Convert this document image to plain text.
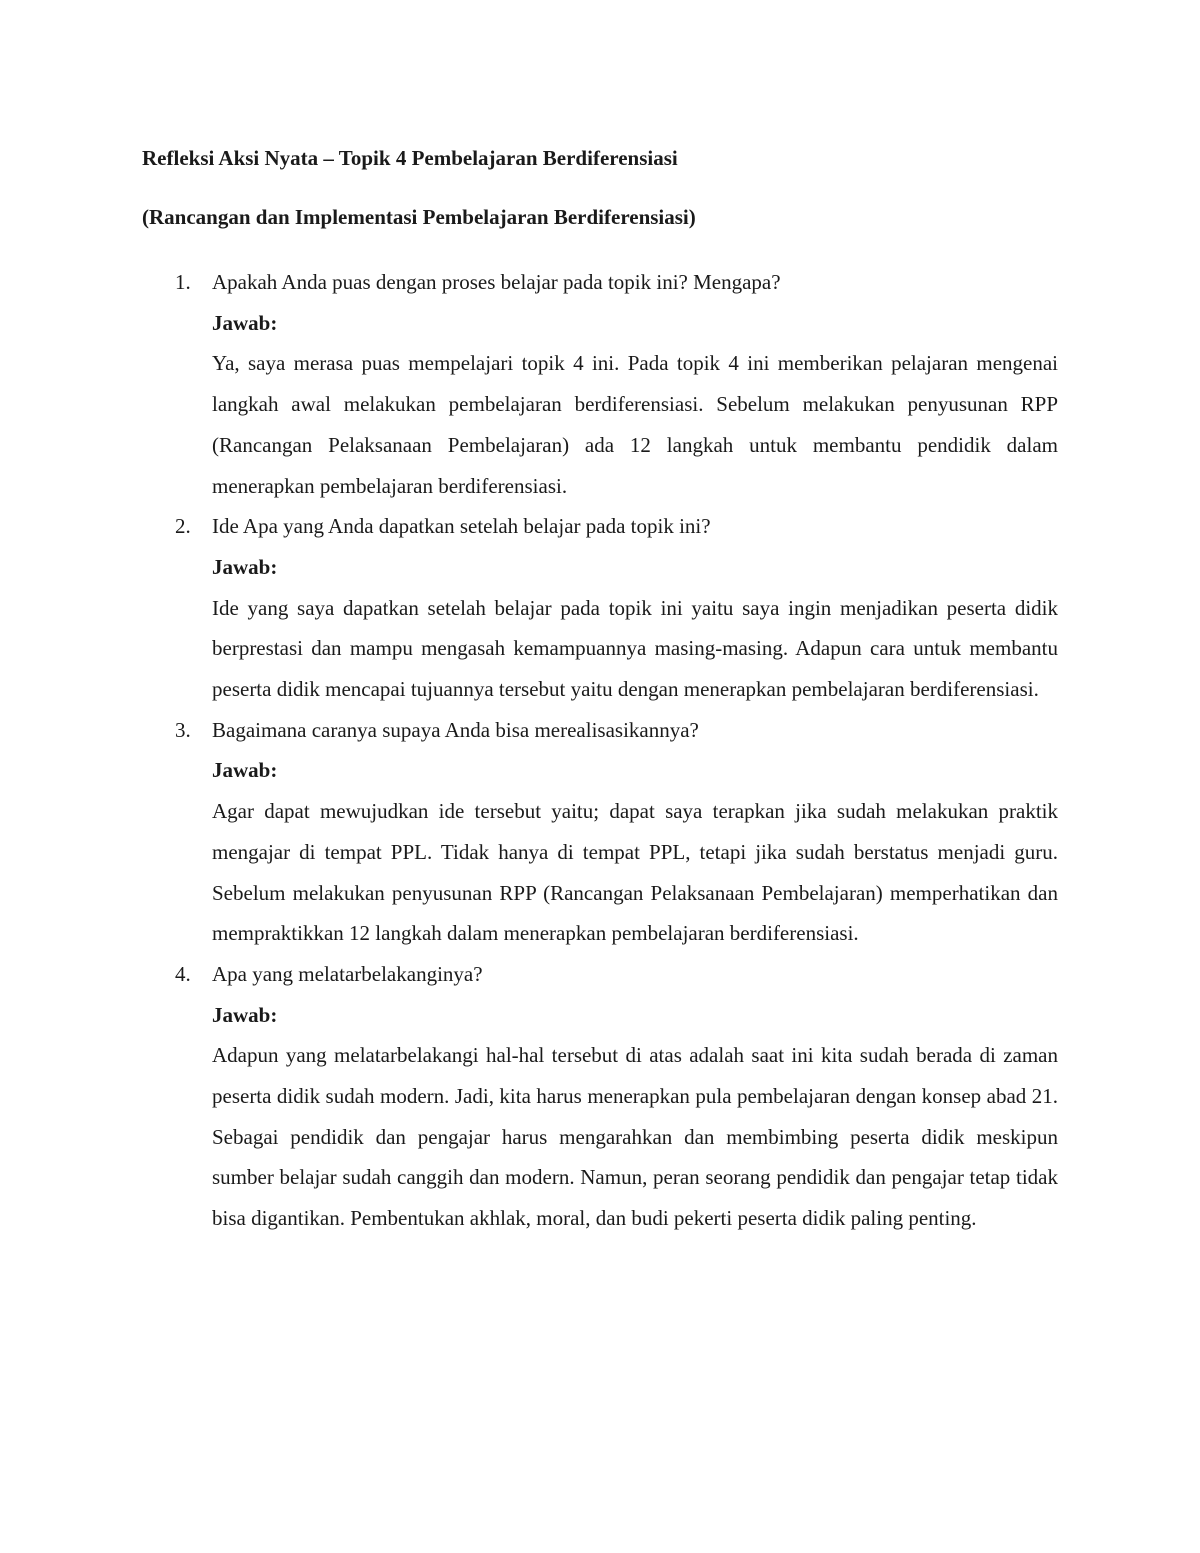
Refleksi Aksi Nyata – Topik 4 Pembelajaran Berdiferensiasi
(Rancangan dan Implementasi Pembelajaran Berdiferensiasi)
1. Apakah Anda puas dengan proses belajar pada topik ini? Mengapa?
Jawab:
Ya, saya merasa puas mempelajari topik 4 ini. Pada topik 4 ini memberikan pelajaran mengenai langkah awal melakukan pembelajaran berdiferensiasi. Sebelum melakukan penyusunan RPP (Rancangan Pelaksanaan Pembelajaran) ada 12 langkah untuk membantu pendidik dalam menerapkan pembelajaran berdiferensiasi.
2. Ide Apa yang Anda dapatkan setelah belajar pada topik ini?
Jawab:
Ide yang saya dapatkan setelah belajar pada topik ini yaitu saya ingin menjadikan peserta didik berprestasi dan mampu mengasah kemampuannya masing-masing. Adapun cara untuk membantu peserta didik mencapai tujuannya tersebut yaitu dengan menerapkan pembelajaran berdiferensiasi.
3. Bagaimana caranya supaya Anda bisa merealisasikannya?
Jawab:
Agar dapat mewujudkan ide tersebut yaitu; dapat saya terapkan jika sudah melakukan praktik mengajar di tempat PPL. Tidak hanya di tempat PPL, tetapi jika sudah berstatus menjadi guru. Sebelum melakukan penyusunan RPP (Rancangan Pelaksanaan Pembelajaran) memperhatikan dan mempraktikkan 12 langkah dalam menerapkan pembelajaran berdiferensiasi.
4. Apa yang melatarbelakanginya?
Jawab:
Adapun yang melatarbelakangi hal-hal tersebut di atas adalah saat ini kita sudah berada di zaman peserta didik sudah modern. Jadi, kita harus menerapkan pula pembelajaran dengan konsep abad 21. Sebagai pendidik dan pengajar harus mengarahkan dan membimbing peserta didik meskipun sumber belajar sudah canggih dan modern. Namun, peran seorang pendidik dan pengajar tetap tidak bisa digantikan. Pembentukan akhlak, moral, dan budi pekerti peserta didik paling penting.
